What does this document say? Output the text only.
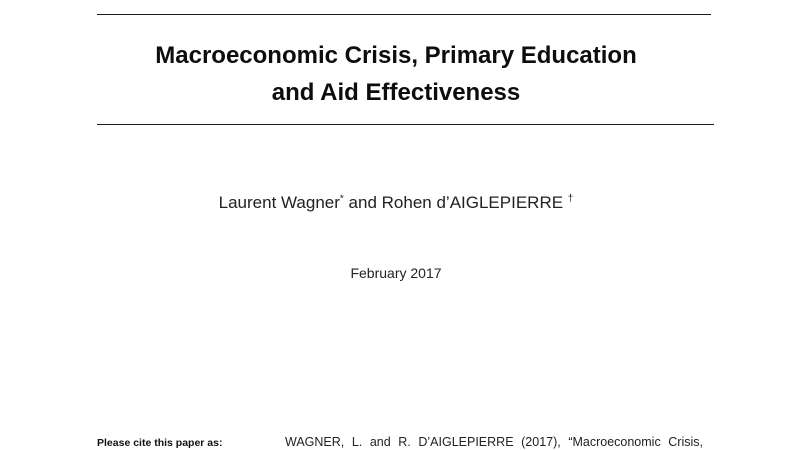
Macroeconomic Crisis, Primary Education
and Aid Effectiveness
Laurent Wagner* and Rohen d’AIGLEPIERRE †
February 2017
Please cite this paper as:	WAGNER, L. and R. D’AIGLEPIERRE (2017), “Macroeconomic Crisis,
